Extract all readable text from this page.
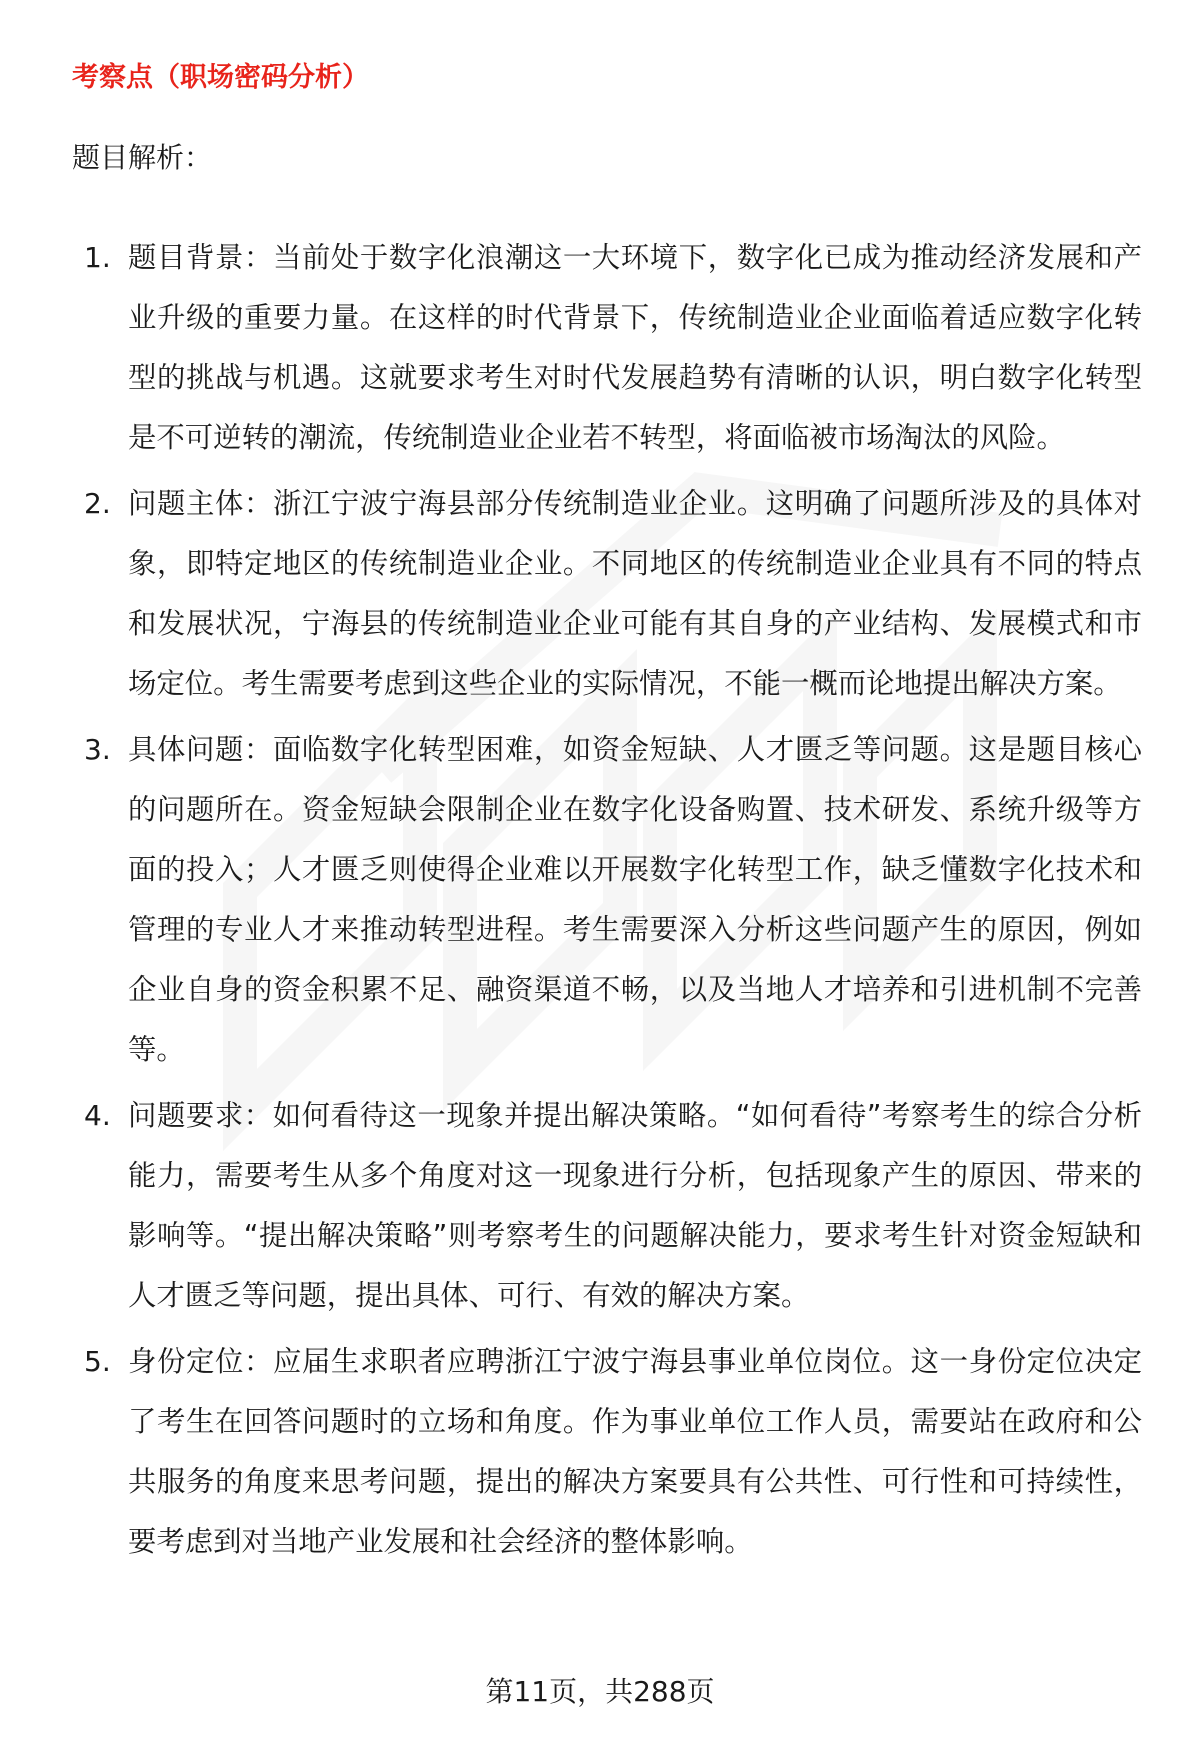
考察点（职场密码分析）
题目解析：
1. 题目背景：当前处于数字化浪潮这一大环境下，数字化已成为推动经济发展和产业升级的重要力量。在这样的时代背景下，传统制造业企业面临着适应数字化转型的挑战与机遇。这就要求考生对时代发展趋势有清晰的认识，明白数字化转型是不可逆转的潮流，传统制造业企业若不转型，将面临被市场淘汰的风险。
2. 问题主体：浙江宁波宁海县部分传统制造业企业。这明确了问题所涉及的具体对象，即特定地区的传统制造业企业。不同地区的传统制造业企业具有不同的特点和发展状况，宁海县的传统制造业企业可能有其自身的产业结构、发展模式和市场定位。考生需要考虑到这些企业的实际情况，不能一概而论地提出解决方案。
3. 具体问题：面临数字化转型困难，如资金短缺、人才匮乏等问题。这是题目核心的问题所在。资金短缺会限制企业在数字化设备购置、技术研发、系统升级等方面的投入；人才匮乏则使得企业难以开展数字化转型工作，缺乏懂数字化技术和管理的专业人才来推动转型进程。考生需要深入分析这些问题产生的原因，例如企业自身的资金积累不足、融资渠道不畅，以及当地人才培养和引进机制不完善等。
4. 问题要求：如何看待这一现象并提出解决策略。“如何看待”考察考生的综合分析能力，需要考生从多个角度对这一现象进行分析，包括现象产生的原因、带来的影响等。“提出解决策略”则考察考生的问题解决能力，要求考生针对资金短缺和人才匮乏等问题，提出具体、可行、有效的解决方案。
5. 身份定位：应届生求职者应聘浙江宁波宁海县事业单位岗位。这一身份定位决定了考生在回答问题时的立场和角度。作为事业单位工作人员，需要站在政府和公共服务的角度来思考问题，提出的解决方案要具有公共性、可行性和可持续性，要考虑到对当地产业发展和社会经济的整体影响。
第11页，共288页
